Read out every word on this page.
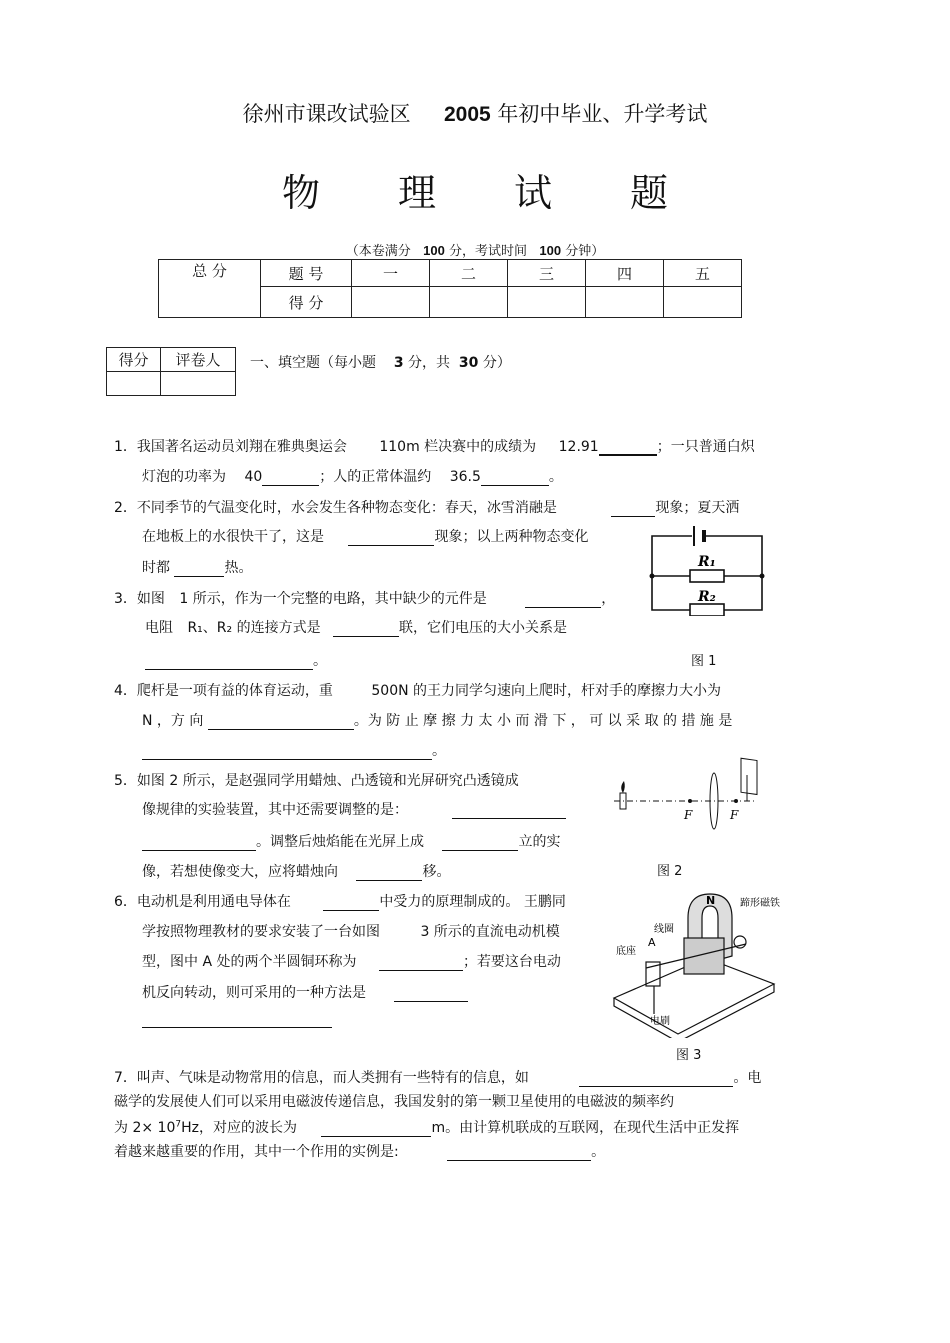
徐州市课改试验区 2005 年初中毕业、升学考试
物理试题
（本卷满分 100 分，考试时间 100 分钟）
总 分	题 号	一	二	三	四	五
	得 分					
得分	评卷人
	一、填空题（每小题 3 分，共 30 分）
1．我国著名运动员刘翔在雅典奥运会 110m 栏决赛中的成绩为 12.91	；一只普通白炽
灯泡的功率为 40	；人的正常体温约 36.5	。
2．不同季节的气温变化时，水会发生各种物态变化：春天，冰雪消融是	现象；夏天洒
在地板上的水很快干了，这是	现象；以上两种物态变化
时都	热。
3．如图 1 所示，作为一个完整的电路，其中缺少的元件是	，
电阻 R₁、R₂ 的连接方式是	联，它们电压的大小关系是
。
R₁
R₂
图 1
4．爬杆是一项有益的体育运动，重	500N 的王力同学匀速向上爬时，杆对手的摩擦力大小为
N ，方 向	。为 防 止 摩 擦 力 太 小 而 滑 下 ， 可 以 采 取 的 措 施 是
。
F	F
图 2
5．如图 2 所示，是赵强同学用蜡烛、凸透镜和光屏研究凸透镜成
像规律的实验装置，其中还需要调整的是：
。调整后烛焰能在光屏上成	立的实
像，若想使像变大，应将蜡烛向	移。
6．电动机是利用通电导体在	中受力的原理制成的。 王鹏同
学按照物理教材的要求安装了一台如图	3 所示的直流电动机模
型，图中 A 处的两个半圆铜环称为	；若要这台电动
机反向转动，则可采用的一种方法是
N 蹄形磁铁
线圈
底座
A
电刷
图 3
7．叫声、气味是动物常用的信息，而人类拥有一些特有的信息，如	。电
磁学的发展使人们可以采用电磁波传递信息，我国发射的第一颗卫星使用的电磁波的频率约
为 $2\times 10^7Hz$，对应的波长为	m。由计算机联成的互联网，在现代生活中正发挥
着越来越重要的作用，其中一个作用的实例是:	。
